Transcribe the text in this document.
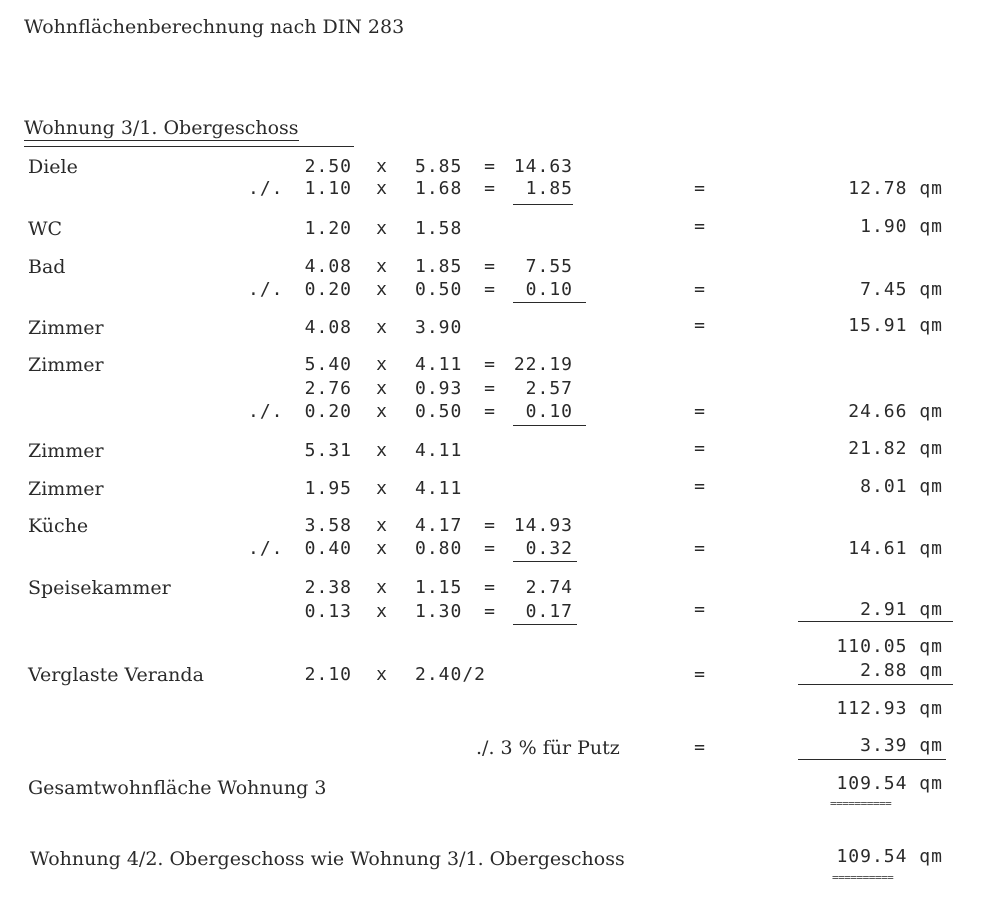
Wohnflächenberechnung nach DIN 283
Wohnung 3/1. Obergeschoss
Diele	2.50 x 5.85 = 14.63
./.	1.10 x 1.68 =	1.85	=	12.78 qm
WC	1.20 x 1.58	=	1.90 qm
Bad	4.08 x 1.85 =	7.55
./.	0.20 x 0.50 =	0.10	=	7.45 qm
Zimmer	4.08 x 3.90	=	15.91 qm
Zimmer	5.40 x 4.11 = 22.19
2.76 x 0.93 =	2.57
./.	0.20 x 0.50 =	0.10	=	24.66 qm
Zimmer	5.31 x 4.11	=	21.82 qm
Zimmer	1.95 x 4.11	=	8.01 qm
Küche	3.58 x 4.17 = 14.93
./.	0.40 x 0.80 =	0.32	=	14.61 qm
Speisekammer	2.38 x 1.15 =	2.74
0.13 x 1.30 =	0.17	=	2.91 qm
110.05 qm
Verglaste Veranda	2.10 x 2.40/2	=	2.88 qm
112.93 qm
./. 3 % für Putz	=	3.39 qm
Gesamtwohnfläche Wohnung 3	109.54 qm
==========
Wohnung 4/2. Obergeschoss wie Wohnung 3/1. Obergeschoss	109.54 qm
==========
